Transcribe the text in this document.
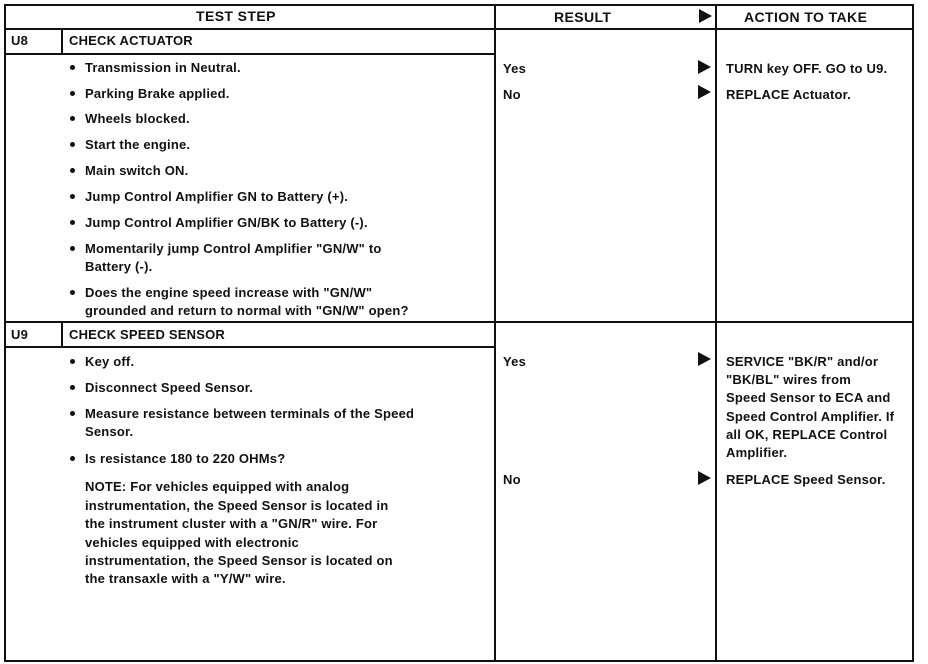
TEST STEP	RESULT	ACTION TO TAKE
U8	CHECK ACTUATOR
Transmission in Neutral.
Parking Brake applied.
Wheels blocked.
Start the engine.
Main switch ON.
Jump Control Amplifier GN to Battery (+).
Jump Control Amplifier GN/BK to Battery (-).
Momentarily jump Control Amplifier "GN/W" to
Battery (-).
Does the engine speed increase with "GN/W"
grounded and return to normal with "GN/W" open?
Yes	TURN key OFF. GO to U9.
No	REPLACE Actuator.
U9	CHECK SPEED SENSOR
Key off.
Disconnect Speed Sensor.
Measure resistance between terminals of the Speed
Sensor.
Is resistance 180 to 220 OHMs?
NOTE: For vehicles equipped with analog
instrumentation, the Speed Sensor is located in
the instrument cluster with a "GN/R" wire. For
vehicles equipped with electronic
instrumentation, the Speed Sensor is located on
the transaxle with a "Y/W" wire.
Yes	SERVICE "BK/R" and/or
"BK/BL" wires from
Speed Sensor to ECA and
Speed Control Amplifier. If
all OK, REPLACE Control
Amplifier.
No	REPLACE Speed Sensor.
